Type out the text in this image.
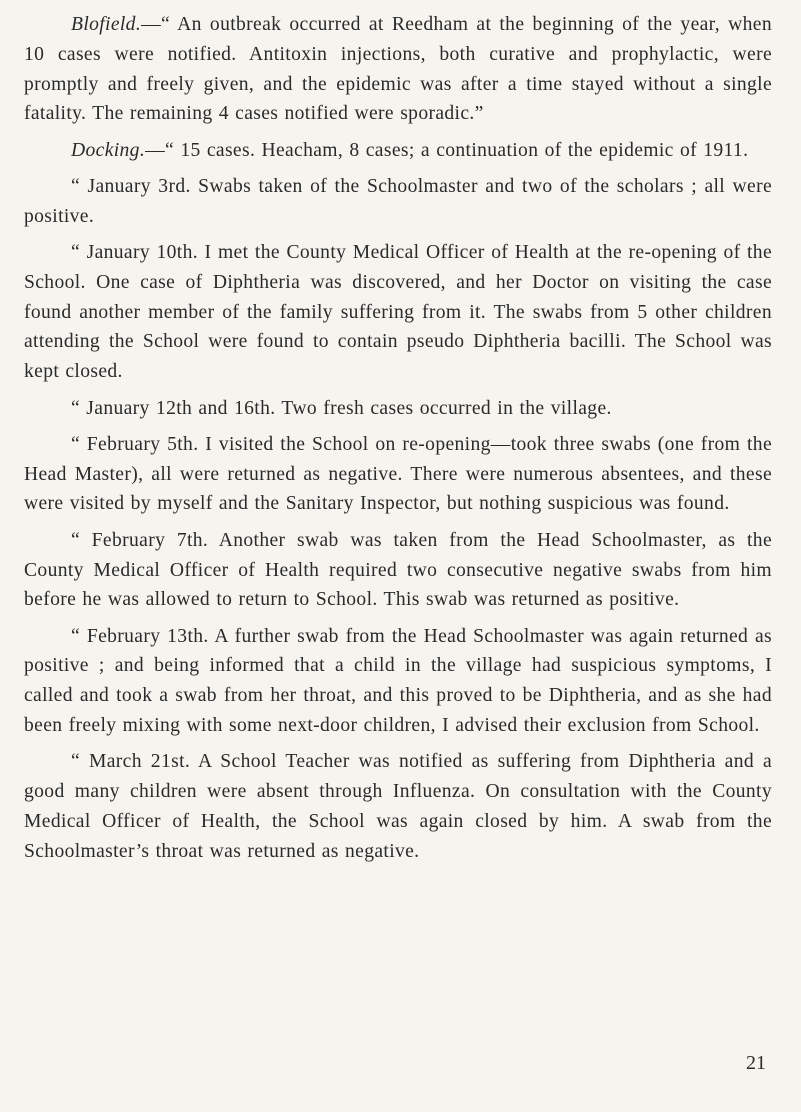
Blofield.—“ An outbreak occurred at Reedham at the beginning of the year, when 10 cases were notified. Antitoxin injections, both curative and prophylactic, were promptly and freely given, and the epidemic was after a time stayed without a single fatality. The remaining 4 cases notified were sporadic.”

Docking.—“ 15 cases. Heacham, 8 cases; a continuation of the epidemic of 1911.

“ January 3rd. Swabs taken of the Schoolmaster and two of the scholars ; all were positive.

“ January 10th. I met the County Medical Officer of Health at the re-opening of the School. One case of Diphtheria was discovered, and her Doctor on visiting the case found another member of the family suffering from it. The swabs from 5 other children attending the School were found to contain pseudo Diphtheria bacilli. The School was kept closed.

“ January 12th and 16th. Two fresh cases occurred in the village.

“ February 5th. I visited the School on re-opening—took three swabs (one from the Head Master), all were returned as negative. There were numerous absentees, and these were visited by myself and the Sanitary Inspector, but nothing suspicious was found.

“ February 7th. Another swab was taken from the Head Schoolmaster, as the County Medical Officer of Health required two consecutive negative swabs from him before he was allowed to return to School. This swab was returned as positive.

“ February 13th. A further swab from the Head Schoolmaster was again returned as positive ; and being informed that a child in the village had suspicious symptoms, I called and took a swab from her throat, and this proved to be Diphtheria, and as she had been freely mixing with some next-door children, I advised their exclusion from School.

“ March 21st. A School Teacher was notified as suffering from Diphtheria and a good many children were absent through Influenza. On consultation with the County Medical Officer of Health, the School was again closed by him. A swab from the Schoolmaster’s throat was returned as negative.

21
